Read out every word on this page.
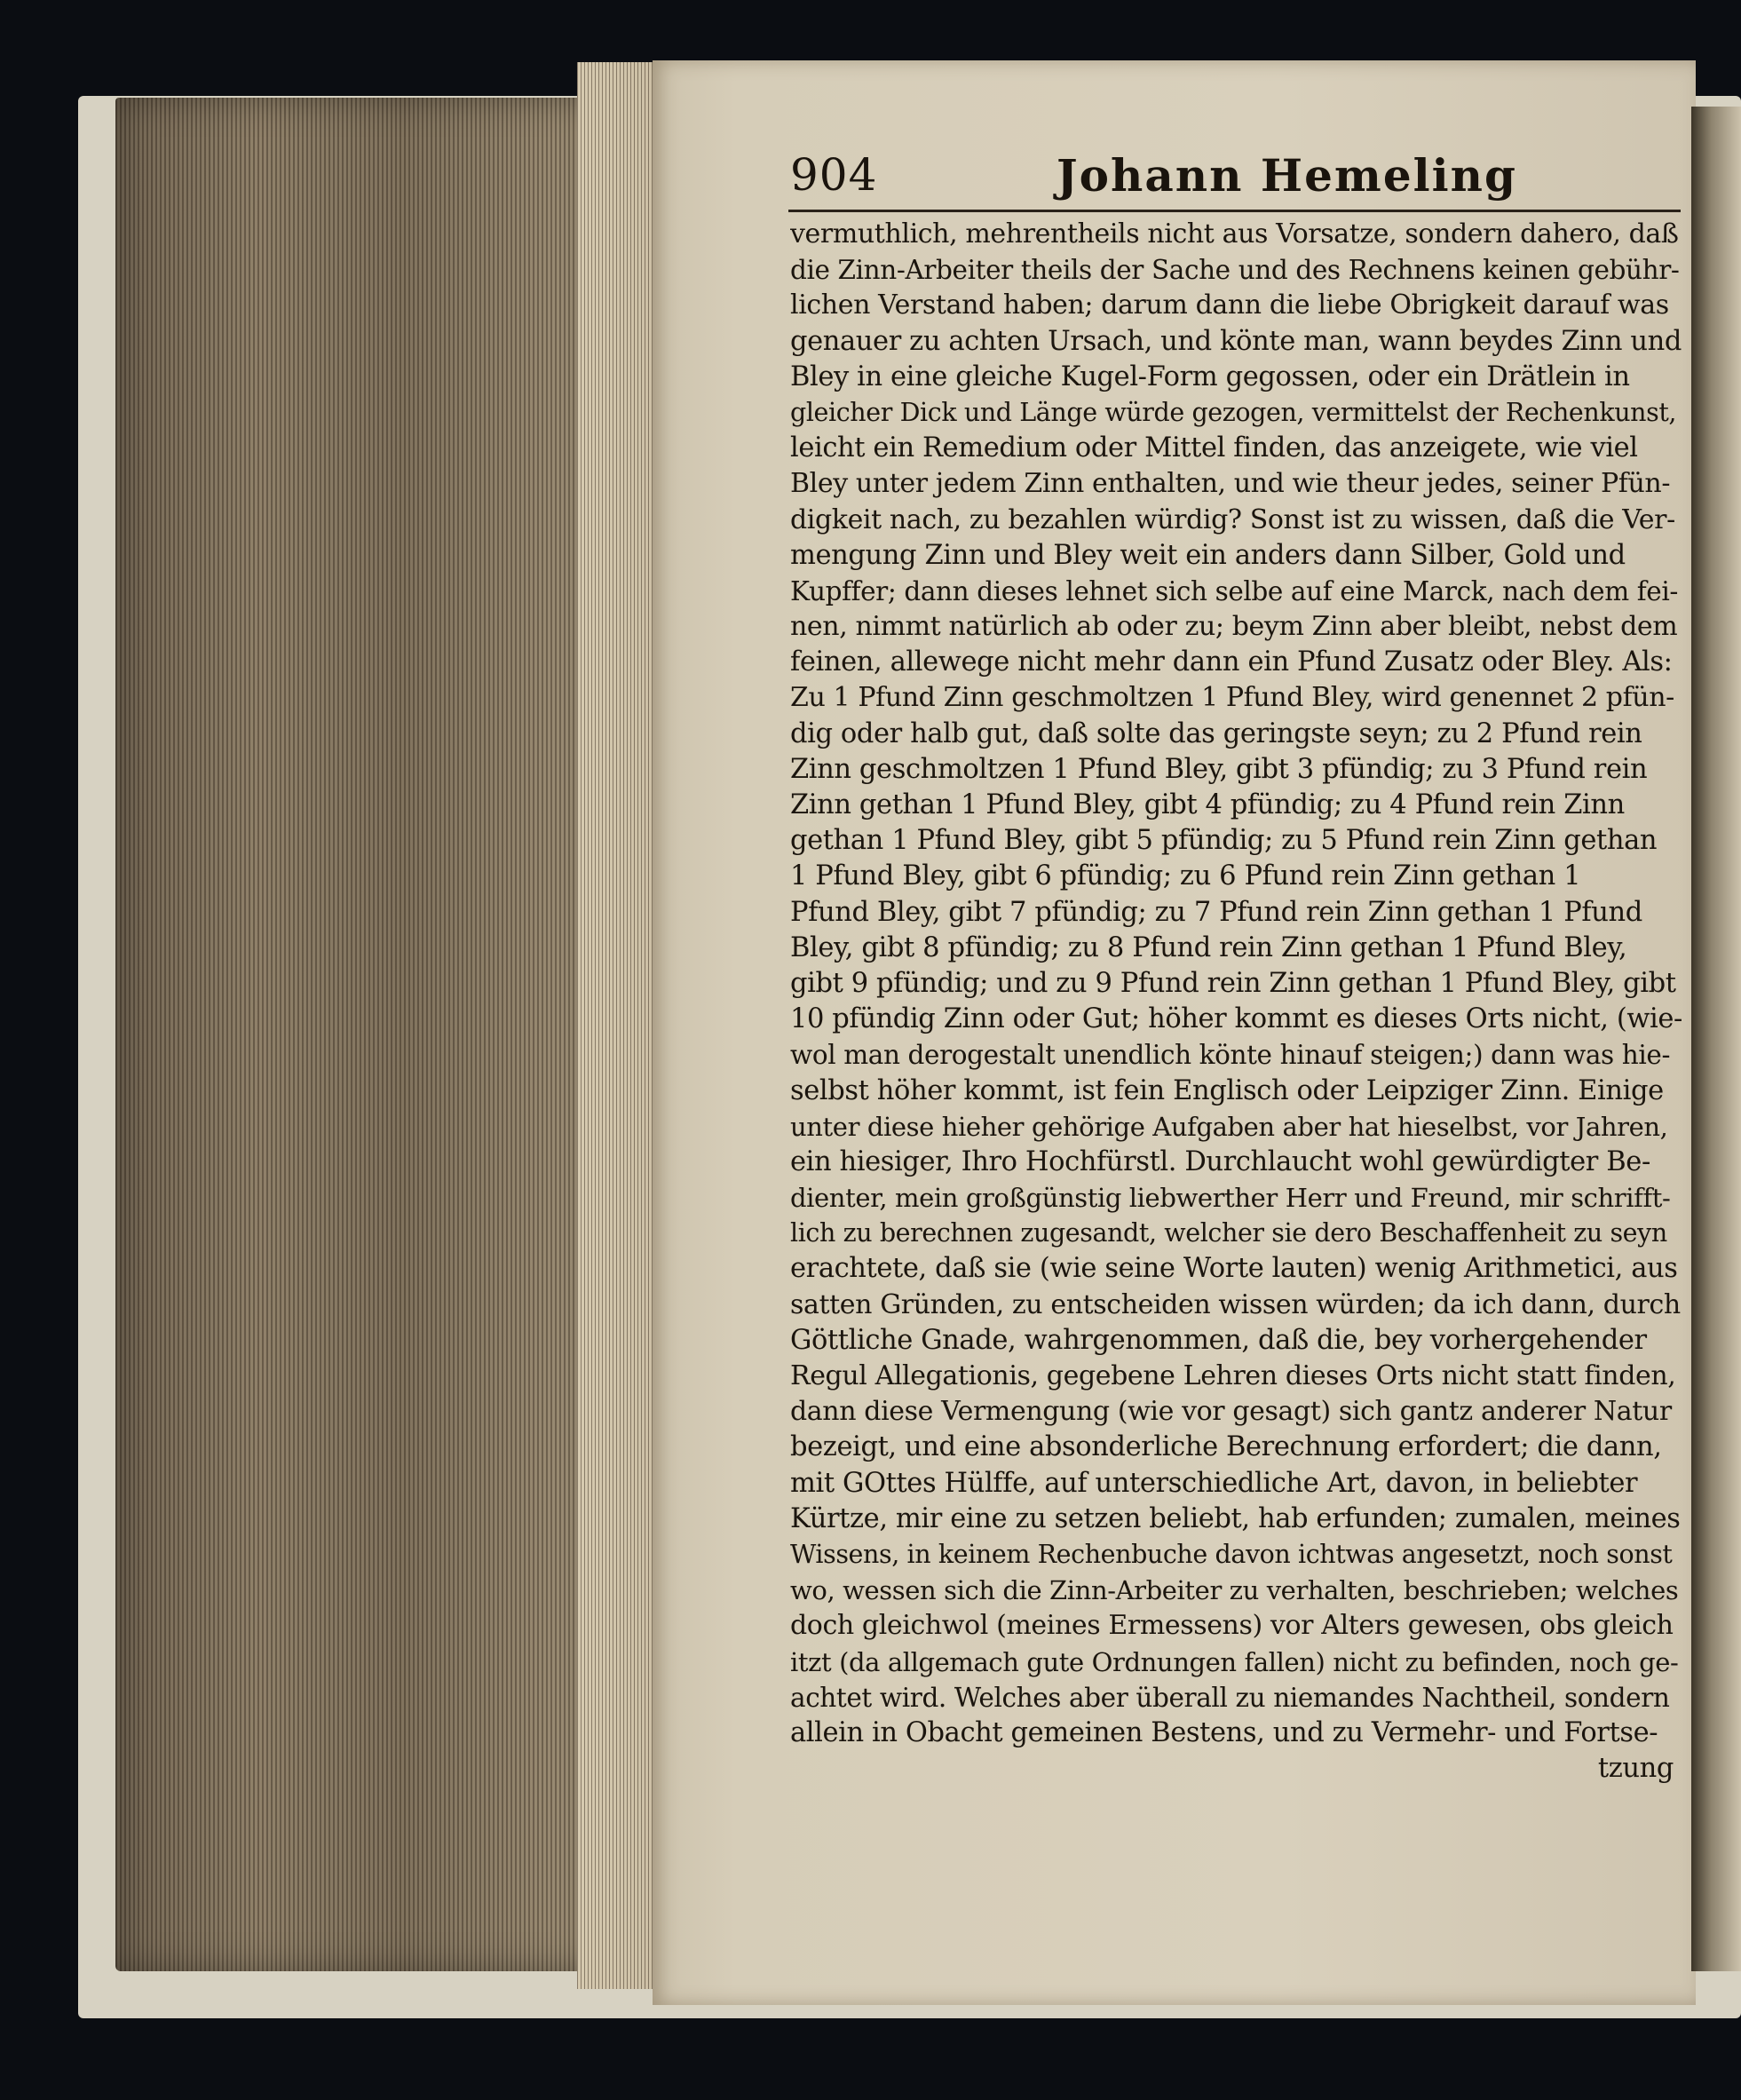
904	Johann Hemeling
vermuthlich, mehrentheils nicht aus Vorsatze, sondern dahero, daß
die Zinn-Arbeiter theils der Sache und des Rechnens keinen gebühr-
lichen Verstand haben; darum dann die liebe Obrigkeit darauf was
genauer zu achten Ursach, und könte man, wann beydes Zinn und
Bley in eine gleiche Kugel-Form gegossen, oder ein Drätlein in
gleicher Dick und Länge würde gezogen, vermittelst der Rechenkunst,
leicht ein Remedium oder Mittel finden, das anzeigete, wie viel
Bley unter jedem Zinn enthalten, und wie theur jedes, seiner Pfün-
digkeit nach, zu bezahlen würdig? Sonst ist zu wissen, daß die Ver-
mengung Zinn und Bley weit ein anders dann Silber, Gold und
Kupffer; dann dieses lehnet sich selbe auf eine Marck, nach dem fei-
nen, nimmt natürlich ab oder zu; beym Zinn aber bleibt, nebst dem
feinen, allewege nicht mehr dann ein Pfund Zusatz oder Bley. Als:
Zu 1 Pfund Zinn geschmoltzen 1 Pfund Bley, wird genennet 2 pfün-
dig oder halb gut, daß solte das geringste seyn; zu 2 Pfund rein
Zinn geschmoltzen 1 Pfund Bley, gibt 3 pfündig; zu 3 Pfund rein
Zinn gethan 1 Pfund Bley, gibt 4 pfündig; zu 4 Pfund rein Zinn
gethan 1 Pfund Bley, gibt 5 pfündig; zu 5 Pfund rein Zinn gethan
1 Pfund Bley, gibt 6 pfündig; zu 6 Pfund rein Zinn gethan 1
Pfund Bley, gibt 7 pfündig; zu 7 Pfund rein Zinn gethan 1 Pfund
Bley, gibt 8 pfündig; zu 8 Pfund rein Zinn gethan 1 Pfund Bley,
gibt 9 pfündig; und zu 9 Pfund rein Zinn gethan 1 Pfund Bley, gibt
10 pfündig Zinn oder Gut; höher kommt es dieses Orts nicht, (wie-
wol man derogestalt unendlich könte hinauf steigen;) dann was hie-
selbst höher kommt, ist fein Englisch oder Leipziger Zinn. Einige
unter diese hieher gehörige Aufgaben aber hat hieselbst, vor Jahren,
ein hiesiger, Ihro Hochfürstl. Durchlaucht wohl gewürdigter Be-
dienter, mein großgünstig liebwerther Herr und Freund, mir schrifft-
lich zu berechnen zugesandt, welcher sie dero Beschaffenheit zu seyn
erachtete, daß sie (wie seine Worte lauten) wenig Arithmetici, aus
satten Gründen, zu entscheiden wissen würden; da ich dann, durch
Göttliche Gnade, wahrgenommen, daß die, bey vorhergehender
Regul Allegationis, gegebene Lehren dieses Orts nicht statt finden,
dann diese Vermengung (wie vor gesagt) sich gantz anderer Natur
bezeigt, und eine absonderliche Berechnung erfordert; die dann,
mit GOttes Hülffe, auf unterschiedliche Art, davon, in beliebter
Kürtze, mir eine zu setzen beliebt, hab erfunden; zumalen, meines
Wissens, in keinem Rechenbuche davon ichtwas angesetzt, noch sonst
wo, wessen sich die Zinn-Arbeiter zu verhalten, beschrieben; welches
doch gleichwol (meines Ermessens) vor Alters gewesen, obs gleich
itzt (da allgemach gute Ordnungen fallen) nicht zu befinden, noch ge-
achtet wird. Welches aber überall zu niemandes Nachtheil, sondern
allein in Obacht gemeinen Bestens, und zu Vermehr- und Fortse-
tzung
